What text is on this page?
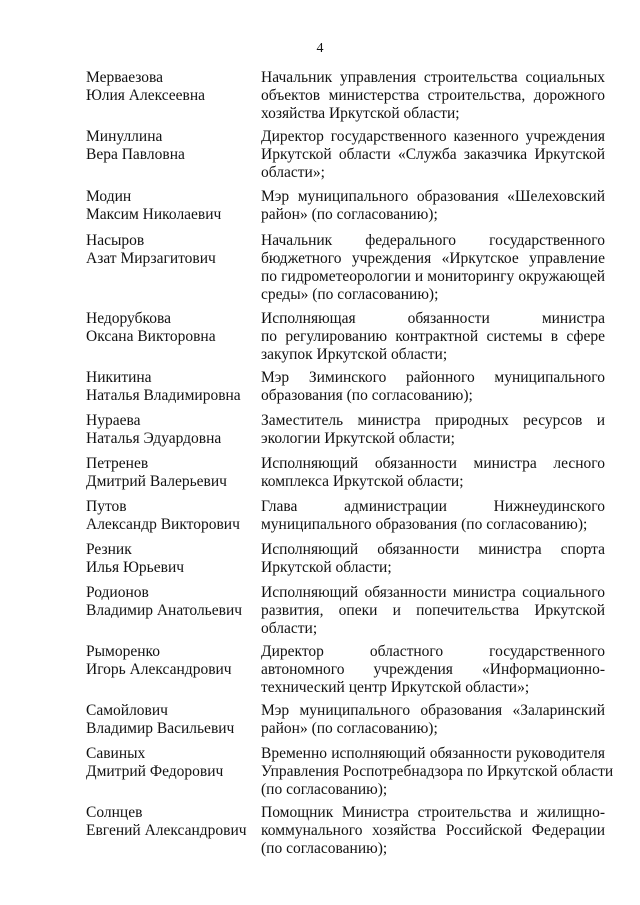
4
Мерваезова
Юлия Алексеевна
Начальник управления строительства социальных
объектов министерства строительства, дорожного
хозяйства Иркутской области;
Минуллина
Вера Павловна
Директор государственного казенного учреждения
Иркутской области «Служба заказчика Иркутской
области»;
Модин
Максим Николаевич
Мэр муниципального образования «Шелеховский
район» (по согласованию);
Насыров
Азат Мирзагитович
Начальник федерального государственного
бюджетного учреждения «Иркутское управление
по гидрометеорологии и мониторингу окружающей
среды» (по согласованию);
Недорубкова
Оксана Викторовна
Исполняющая обязанности министра
по регулированию контрактной системы в сфере
закупок Иркутской области;
Никитина
Наталья Владимировна
Мэр Зиминского районного муниципального
образования (по согласованию);
Нураева
Наталья Эдуардовна
Заместитель министра природных ресурсов и
экологии Иркутской области;
Петренев
Дмитрий Валерьевич
Исполняющий обязанности министра лесного
комплекса Иркутской области;
Путов
Александр Викторович
Глава администрации Нижнеудинского
муниципального образования (по согласованию);
Резник
Илья Юрьевич
Исполняющий обязанности министра спорта
Иркутской области;
Родионов
Владимир Анатольевич
Исполняющий обязанности министра социального
развития, опеки и попечительства Иркутской
области;
Рыморенко
Игорь Александрович
Директор областного государственного
автономного учреждения «Информационно-
технический центр Иркутской области»;
Самойлович
Владимир Васильевич
Мэр муниципального образования «Заларинский
район» (по согласованию);
Савиных
Дмитрий Федорович
Временно исполняющий обязанности руководителя
Управления Роспотребнадзора по Иркутской области
(по согласованию);
Солнцев
Евгений Александрович
Помощник Министра строительства и жилищно-
коммунального хозяйства Российской Федерации
(по согласованию);
